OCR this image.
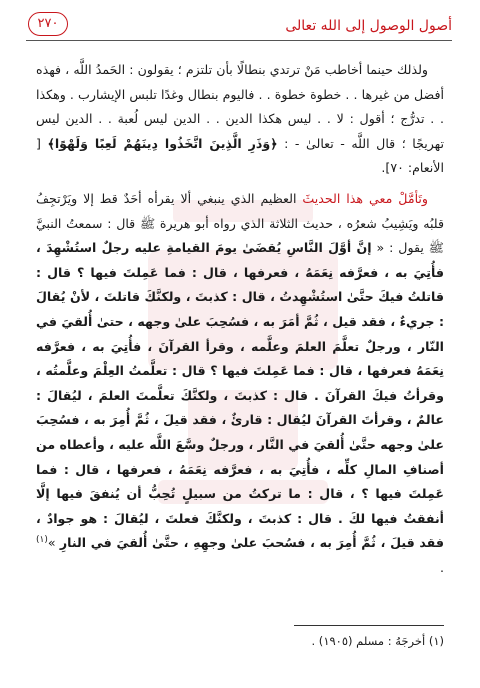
أصول الوصول إلى الله تعالى
٢٧٠

ولذلك حينما أخاطب مَنْ ترتدي بنطالًا بأن تلتزم ؛ يقولون : الحَمدُ اللَّه ، فهذه أفضل من غيرها . . خطوة خطوة . . فاليوم بنطال وغدًا تلبس الإيشارب . وهكذا . . تدرُّج ؛ أقول : لا . . ليس هكذا الدين . . الدين ليس لُعبة . . الدين ليس تهريجًا ؛ قال اللَّه - تعالىٰ - : ﴿وَذَرِ الَّذِينَ اتَّخَذُوا دِينَهُمْ لَعِبًا وَلَهْوًا﴾ [ الأنعام: ٧٠].

وتَأمَّلْ معي هذا الحديثَ العظيم الذي ينبغي ألا يقرأه أحَدٌ قط إلا ويَرْتجِفُ قلبُه ويَشِيبُ شعرُه ، حديث الثلاثة الذي رواه أبو هريرة ﷺ قال : سمعتُ النبيَّ ﷺ يقول : « إنَّ أوَّلَ النَّاسِ يُقضَىٰ يومَ القيامةِ عليه رجلٌ استُشْهِدَ ، فأُتِيَ به ، فعرَّفه نِعَمَهُ ، فعرفها ، قال : فما عَمِلتَ فيها ؟ قال : قاتلتُ فيكَ حتَّىٰ استُشْهِدتُ ، قال : كذبتَ ، ولكنَّكَ قاتلتَ ، لأنْ يُقالَ : جريءٌ ، فقد قيل ، ثُمَّ أمَرَ به ، فسُحِبَ علىٰ وجهه ، حتىٰ أُلقيَ في النّار ، ورجلٌ تعلَّمَ العلمَ وعلَّمه ، وقرأ القرآنَ ، فأُتِيَ به ، فعرَّفه نِعَمَهُ فعرفها ، قال : فما عَمِلتَ فيها ؟ قال : تعلَّمتُ العِلْمَ وعلَّمتُه ، وقرأتُ فيكَ القرآنَ . قال : كذبتَ ، ولكنَّكَ تعلَّمتَ العلمَ ، ليُقالَ : عالمٌ ، وقرأتَ القرآنَ ليُقال : قارئٌ ، فقد قيلَ ، ثُمَّ أُمِرَ به ، فسُحِبَ علىٰ وجهه حتَّىٰ أُلقيَ في النَّار ، ورجلٌ وسَّعَ اللَّه عليه ، وأعطاه من أصنافِ المالِ كلِّه ، فأُتِيَ به ، فعرَّفه نِعَمَهُ ، فعرفها ، قال : فما عَمِلتَ فيها ؟ ، قال : ما تركتُ من سبيلٍ تُحِبُّ أن يُنفقَ فيها إلَّا أنفقتُ فيها لكَ . قال : كذبتَ ، ولكنَّكَ فعلتَ ، ليُقالَ : هو جوادٌ ، فقد قيلَ ، ثُمَّ أُمِرَ به ، فسُحبَ علىٰ وجهِهِ ، حتَّىٰ أُلقيَ في النارِ »$^{(١)}$ .

(١) أخرجَهُ : مسلم (١٩٠٥) .
